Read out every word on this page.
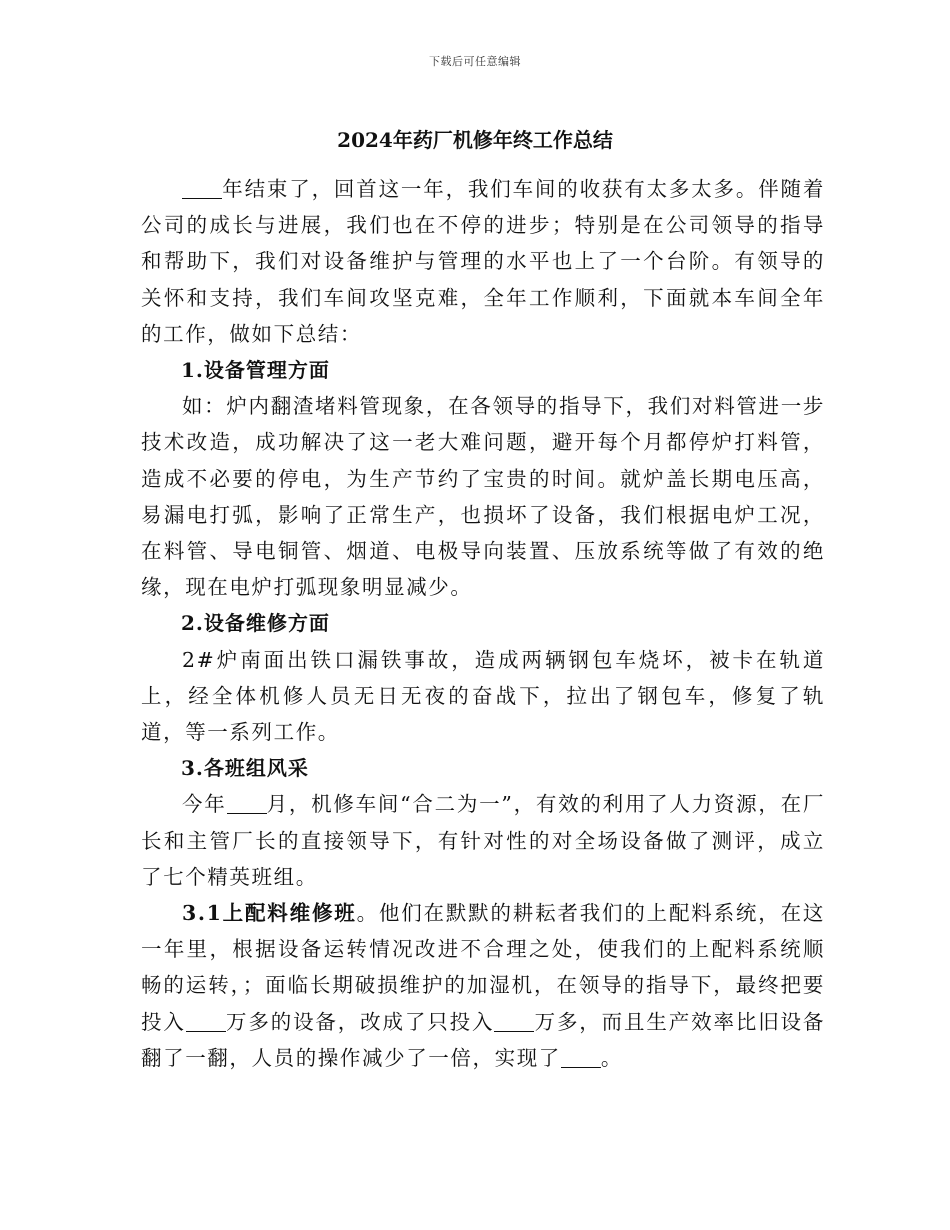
下载后可任意编辑
2024年药厂机修年终工作总结

年结束了，回首这一年，我们车间的收获有太多太多。伴随着公司的成长与进展，我们也在不停的进步；特别是在公司领导的指导和帮助下，我们对设备维护与管理的水平也上了一个台阶。有领导的关怀和支持，我们车间攻坚克难，全年工作顺利，下面就本车间全年的工作，做如下总结：

1.设备管理方面

如：炉内翻渣堵料管现象，在各领导的指导下，我们对料管进一步技术改造，成功解决了这一老大难问题，避开每个月都停炉打料管，造成不必要的停电，为生产节约了宝贵的时间。就炉盖长期电压高，易漏电打弧，影响了正常生产，也损坏了设备，我们根据电炉工况，在料管、导电铜管、烟道、电极导向装置、压放系统等做了有效的绝缘，现在电炉打弧现象明显减少。

2.设备维修方面

2#炉南面出铁口漏铁事故，造成两辆钢包车烧坏，被卡在轨道上，经全体机修人员无日无夜的奋战下，拉出了钢包车，修复了轨道，等一系列工作。

3.各班组风采

今年 月，机修车间“合二为一”，有效的利用了人力资源，在厂长和主管厂长的直接领导下，有针对性的对全场设备做了测评，成立了七个精英班组。

3.1上配料维修班。他们在默默的耕耘者我们的上配料系统，在这一年里，根据设备运转情况改进不合理之处，使我们的上配料系统顺畅的运转，；面临长期破损维护的加湿机，在领导的指导下，最终把要投入 万多的设备，改成了只投入 万多，而且生产效率比旧设备翻了一翻，人员的操作减少了一倍，实现了 。
